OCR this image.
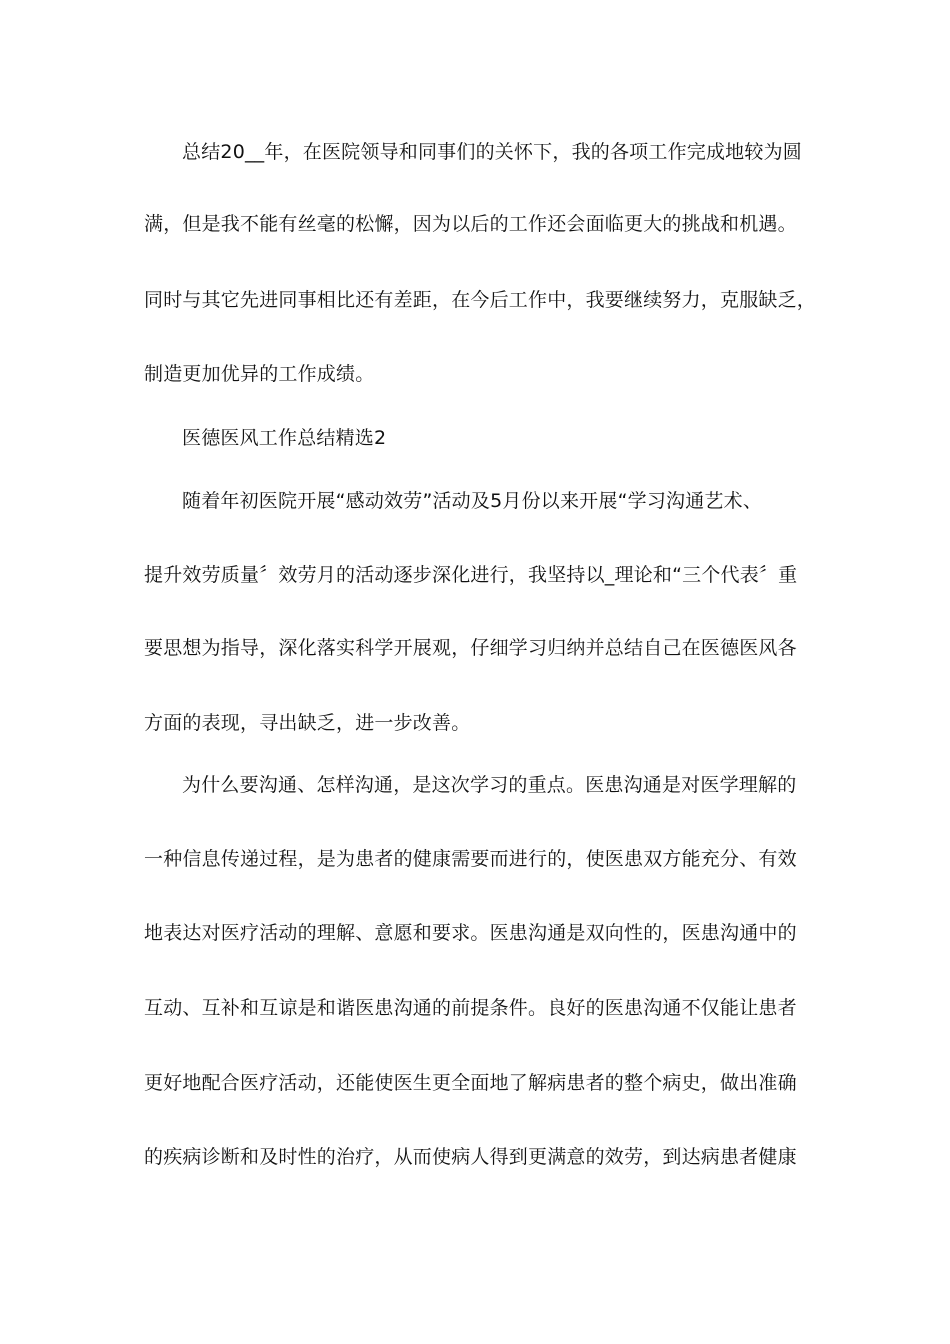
总结20__年，在医院领导和同事们的关怀下，我的各项工作完成地较为圆
满，但是我不能有丝毫的松懈，因为以后的工作还会面临更大的挑战和机遇。
同时与其它先进同事相比还有差距，在今后工作中，我要继续努力，克服缺乏，
制造更加优异的工作成绩。
医德医风工作总结精选2
随着年初医院开展“感动效劳”活动及5月份以来开展“学习沟通艺术、
提升效劳质量〞效劳月的活动逐步深化进行，我坚持以_理论和“三个代表〞重
要思想为指导，深化落实科学开展观，仔细学习归纳并总结自己在医德医风各
方面的表现，寻出缺乏，进一步改善。
为什么要沟通、怎样沟通，是这次学习的重点。医患沟通是对医学理解的
一种信息传递过程，是为患者的健康需要而进行的，使医患双方能充分、有效
地表达对医疗活动的理解、意愿和要求。医患沟通是双向性的，医患沟通中的
互动、互补和互谅是和谐医患沟通的前提条件。良好的医患沟通不仅能让患者
更好地配合医疗活动，还能使医生更全面地了解病患者的整个病史，做出准确
的疾病诊断和及时性的治疗，从而使病人得到更满意的效劳，到达病患者健康
